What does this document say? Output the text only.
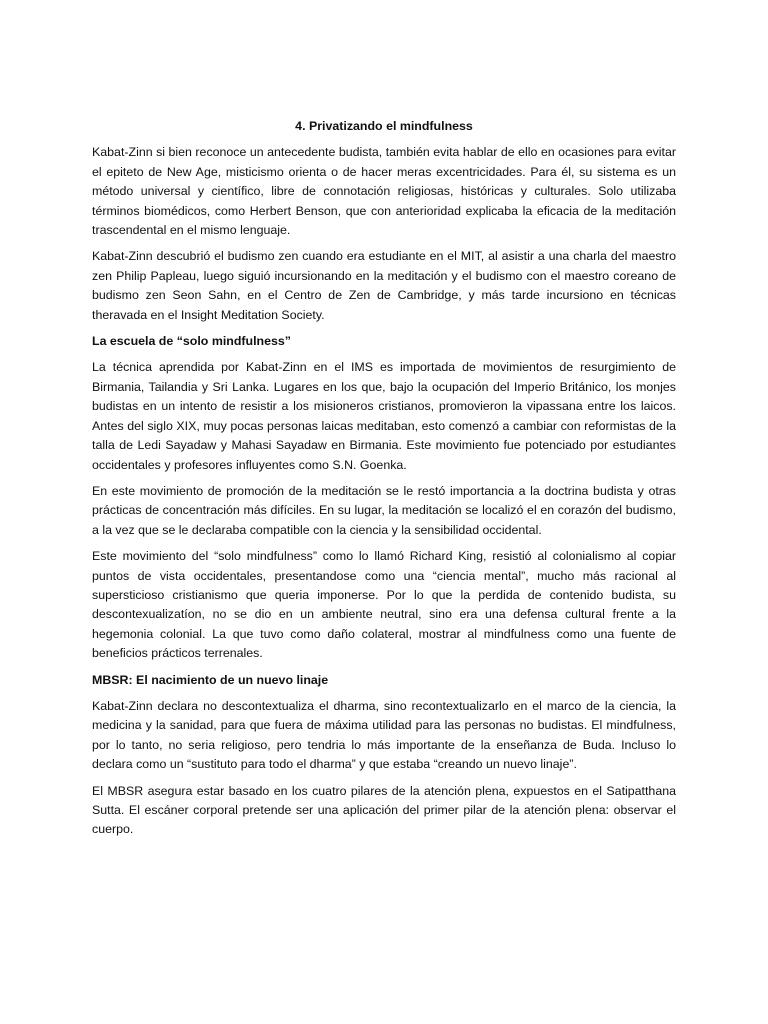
4. Privatizando el mindfulness

Kabat-Zinn si bien reconoce un antecedente budista, también evita hablar de ello en ocasiones para evitar el epiteto de New Age, misticismo orienta o de hacer meras excentricidades. Para él, su sistema es un método universal y científico, libre de connotación religiosas, históricas y culturales. Solo utilizaba términos biomédicos, como Herbert Benson, que con anterioridad explicaba la eficacia de la meditación trascendental en el mismo lenguaje.

Kabat-Zinn descubrió el budismo zen cuando era estudiante en el MIT, al asistir a una charla del maestro zen Philip Papleau, luego siguió incursionando en la meditación y el budismo con el maestro coreano de budismo zen Seon Sahn, en el Centro de Zen de Cambridge, y más tarde incursiono en técnicas theravada en el Insight Meditation Society.

La escuela de “solo mindfulness”

La técnica aprendida por Kabat-Zinn en el IMS es importada de movimientos de resurgimiento de Birmania, Tailandia y Sri Lanka. Lugares en los que, bajo la ocupación del Imperio Británico, los monjes budistas en un intento de resistir a los misioneros cristianos, promovieron la vipassana entre los laicos. Antes del siglo XIX, muy pocas personas laicas meditaban, esto comenzó a cambiar con reformistas de la talla de Ledi Sayadaw y Mahasi Sayadaw en Birmania. Este movimiento fue potenciado por estudiantes occidentales y profesores influyentes como S.N. Goenka.

En este movimiento de promoción de la meditación se le restó importancia a la doctrina budista y otras prácticas de concentración más difíciles. En su lugar, la meditación se localizó el en corazón del budismo, a la vez que se le declaraba compatible con la ciencia y la sensibilidad occidental.

Este movimiento del “solo mindfulness” como lo llamó Richard King, resistió al colonialismo al copiar puntos de vista occidentales, presentandose como una “ciencia mental”, mucho más racional al supersticioso cristianismo que queria imponerse. Por lo que la perdida de contenido budista, su descontexualizatíon, no se dio en un ambiente neutral, sino era una defensa cultural frente a la hegemonia colonial. La que tuvo como daño colateral, mostrar al mindfulness como una fuente de beneficios prácticos terrenales.

MBSR: El nacimiento de un nuevo linaje

Kabat-Zinn declara no descontextualiza el dharma, sino recontextualizarlo en el marco de la ciencia, la medicina y la sanidad, para que fuera de máxima utilidad para las personas no budistas. El mindfulness, por lo tanto, no seria religioso, pero tendria lo más importante de la enseñanza de Buda. Incluso lo declara como un “sustituto para todo el dharma” y que estaba “creando un nuevo linaje”.

El MBSR asegura estar basado en los cuatro pilares de la atención plena, expuestos en el Satipatthana Sutta. El escáner corporal pretende ser una aplicación del primer pilar de la atención plena: observar el cuerpo.
